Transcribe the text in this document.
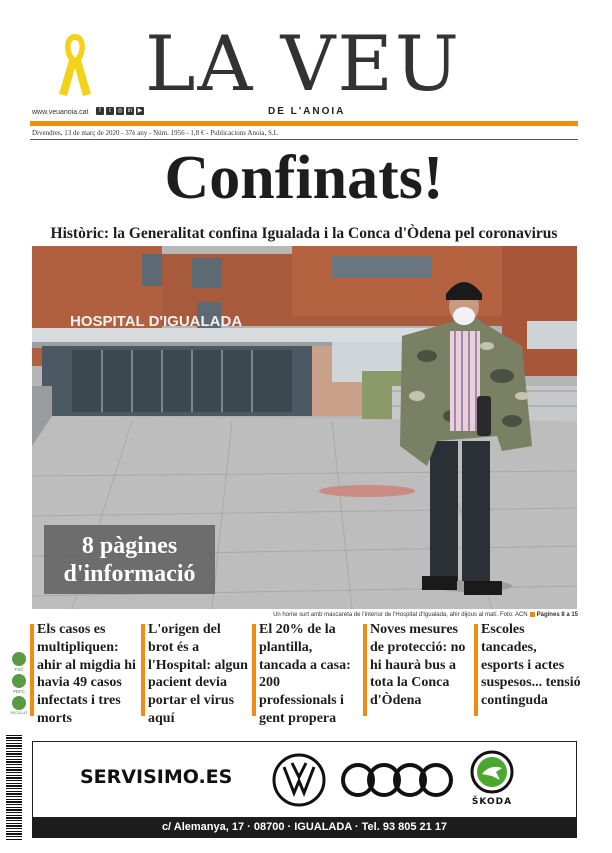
LA VEU
DE L'ANOIA
www.veuanoia.cat	f	t	◎ in ▶
Divendres, 13 de març de 2020 - 37è any - Núm. 1956 - 1,8 € - Publicacions Anoia, S.L
Confinats!
Històric: la Generalitat confina Igualada i la Conca d'Òdena pel coronavirus
HOSPITAL D'IGUALADA
8 pàgines
d'informació
Un home surt amb mascareta de l'interior de l'Hospital d'Igualada, ahir dijous al matí. Foto: ACN Pàgines 8 a 15
Els casos es multipliquen: ahir al migdia hi havia 49 casos infectats i tres morts
L'origen del brot és a l'Hospital: algun pacient devia portar el virus aquí
El 20% de la plantilla, tancada a casa: 200 professionals i gent propera
Noves mesures de protecció: no hi haurà bus a tota la Conca d'Òdena
Escoles tancades, esports i actes suspesos... tensió continguda
FSC
PEFC
RECICLAT
SERVISIMO.ES
ŠKODA
c/ Alemanya, 17 · 08700 · IGUALADA · Tel. 93 805 21 17
